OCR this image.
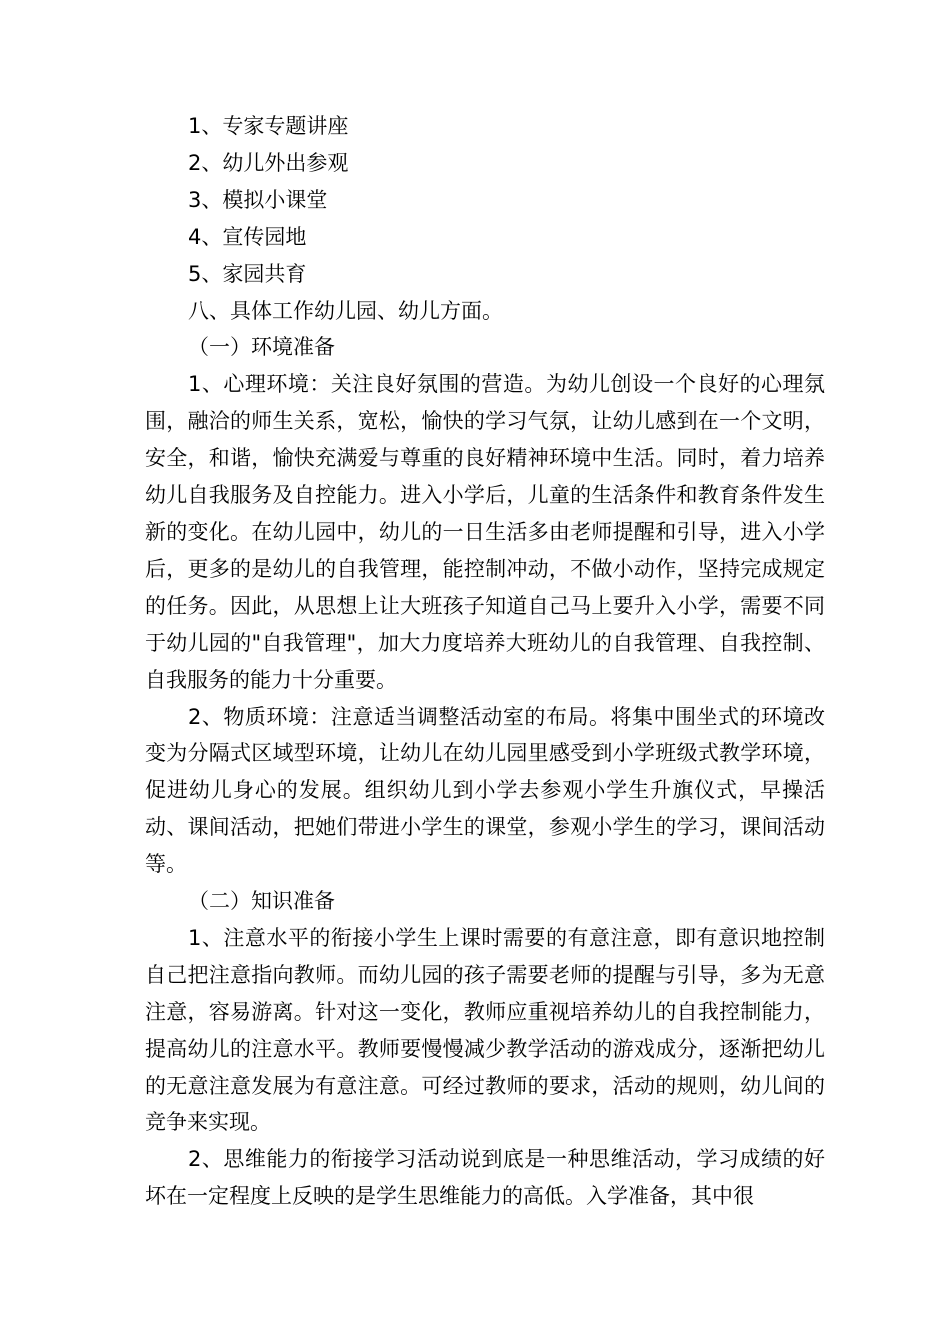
1、专家专题讲座

2、幼儿外出参观

3、模拟小课堂

4、宣传园地

5、家园共育

八、具体工作幼儿园、幼儿方面。

（一）环境准备

1、心理环境：关注良好氛围的营造。为幼儿创设一个良好的心理氛围，融洽的师生关系，宽松，愉快的学习气氛，让幼儿感到在一个文明，安全，和谐，愉快充满爱与尊重的良好精神环境中生活。同时，着力培养幼儿自我服务及自控能力。进入小学后，儿童的生活条件和教育条件发生新的变化。在幼儿园中，幼儿的一日生活多由老师提醒和引导，进入小学后，更多的是幼儿的自我管理，能控制冲动，不做小动作，坚持完成规定的任务。因此，从思想上让大班孩子知道自己马上要升入小学，需要不同于幼儿园的"自我管理"，加大力度培养大班幼儿的自我管理、自我控制、自我服务的能力十分重要。

2、物质环境：注意适当调整活动室的布局。将集中围坐式的环境改变为分隔式区域型环境，让幼儿在幼儿园里感受到小学班级式教学环境，促进幼儿身心的发展。组织幼儿到小学去参观小学生升旗仪式，早操活动、课间活动，把她们带进小学生的课堂，参观小学生的学习，课间活动等。

（二）知识准备

1、注意水平的衔接小学生上课时需要的有意注意，即有意识地控制自己把注意指向教师。而幼儿园的孩子需要老师的提醒与引导，多为无意注意，容易游离。针对这一变化，教师应重视培养幼儿的自我控制能力，提高幼儿的注意水平。教师要慢慢减少教学活动的游戏成分，逐渐把幼儿的无意注意发展为有意注意。可经过教师的要求，活动的规则，幼儿间的竞争来实现。

2、思维能力的衔接学习活动说到底是一种思维活动，学习成绩的好坏在一定程度上反映的是学生思维能力的高低。入学准备，其中很
